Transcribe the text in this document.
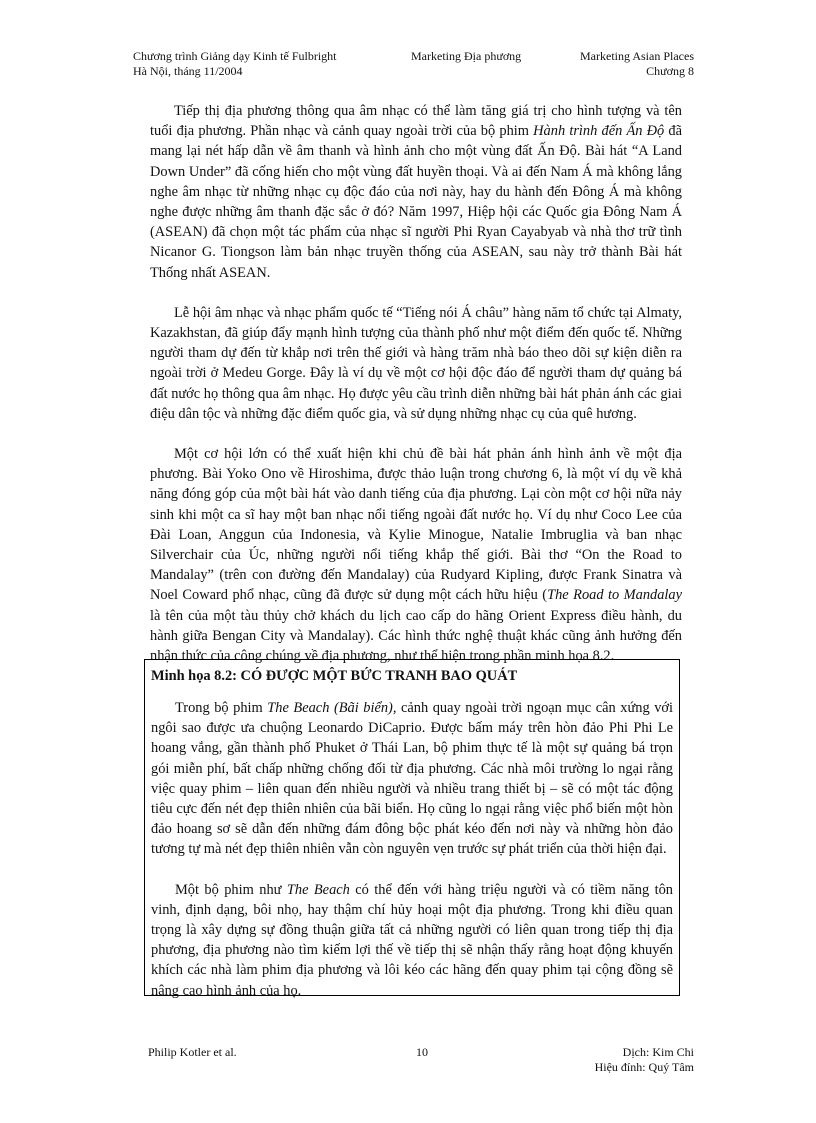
Chương trình Giảng dạy Kinh tế Fulbright
Hà Nội, tháng 11/2004
Marketing Địa phương	Marketing Asian Places
Chương 8

Tiếp thị địa phương thông qua âm nhạc có thể làm tăng giá trị cho hình tượng và tên tuổi địa phương. Phần nhạc và cảnh quay ngoài trời của bộ phim Hành trình đến Ấn Độ đã mang lại nét hấp dẫn về âm thanh và hình ảnh cho một vùng đất Ấn Độ. Bài hát “A Land Down Under” đã cống hiến cho một vùng đất huyền thoại. Và ai đến Nam Á mà không lắng nghe âm nhạc từ những nhạc cụ độc đáo của nơi này, hay du hành đến Đông Á mà không nghe được những âm thanh đặc sắc ở đó? Năm 1997, Hiệp hội các Quốc gia Đông Nam Á (ASEAN) đã chọn một tác phẩm của nhạc sĩ người Phi Ryan Cayabyab và nhà thơ trữ tình Nicanor G. Tiongson làm bản nhạc truyền thống của ASEAN, sau này trở thành Bài hát Thống nhất ASEAN.

Lễ hội âm nhạc và nhạc phẩm quốc tế “Tiếng nói Á châu” hàng năm tổ chức tại Almaty, Kazakhstan, đã giúp đẩy mạnh hình tượng của thành phố như một điểm đến quốc tế. Những người tham dự đến từ khắp nơi trên thế giới và hàng trăm nhà báo theo dõi sự kiện diễn ra ngoài trời ở Medeu Gorge. Đây là ví dụ về một cơ hội độc đáo để người tham dự quảng bá đất nước họ thông qua âm nhạc. Họ được yêu cầu trình diễn những bài hát phản ánh các giai điệu dân tộc và những đặc điểm quốc gia, và sử dụng những nhạc cụ của quê hương.

Một cơ hội lớn có thể xuất hiện khi chủ đề bài hát phản ánh hình ảnh về một địa phương. Bài Yoko Ono về Hiroshima, được thảo luận trong chương 6, là một ví dụ về khả năng đóng góp của một bài hát vào danh tiếng của địa phương. Lại còn một cơ hội nữa nảy sinh khi một ca sĩ hay một ban nhạc nổi tiếng ngoài đất nước họ. Ví dụ như Coco Lee của Đài Loan, Anggun của Indonesia, và Kylie Minogue, Natalie Imbruglia và ban nhạc Silverchair của Úc, những người nổi tiếng khắp thế giới. Bài thơ “On the Road to Mandalay” (trên con đường đến Mandalay) của Rudyard Kipling, được Frank Sinatra và Noel Coward phổ nhạc, cũng đã được sử dụng một cách hữu hiệu (The Road to Mandalay là tên của một tàu thủy chở khách du lịch cao cấp do hãng Orient Express điều hành, du hành giữa Bengan City và Mandalay). Các hình thức nghệ thuật khác cũng ảnh hưởng đến nhận thức của công chúng về địa phương, như thể hiện trong phần minh họa 8.2.

Minh họa 8.2: CÓ ĐƯỢC MỘT BỨC TRANH BAO QUÁT

Trong bộ phim The Beach (Bãi biển), cảnh quay ngoài trời ngoạn mục cân xứng với ngôi sao được ưa chuộng Leonardo DiCaprio. Được bấm máy trên hòn đảo Phi Phi Le hoang vắng, gần thành phố Phuket ở Thái Lan, bộ phim thực tế là một sự quảng bá trọn gói miễn phí, bất chấp những chống đối từ địa phương. Các nhà môi trường lo ngại rằng việc quay phim – liên quan đến nhiều người và nhiều trang thiết bị – sẽ có một tác động tiêu cực đến nét đẹp thiên nhiên của bãi biển. Họ cũng lo ngại rằng việc phổ biến một hòn đảo hoang sơ sẽ dẫn đến những đám đông bộc phát kéo đến nơi này và những hòn đảo tương tự mà nét đẹp thiên nhiên vẫn còn nguyên vẹn trước sự phát triển của thời hiện đại.

Một bộ phim như The Beach có thể đến với hàng triệu người và có tiềm năng tôn vinh, định dạng, bôi nhọ, hay thậm chí hủy hoại một địa phương. Trong khi điều quan trọng là xây dựng sự đồng thuận giữa tất cả những người có liên quan trong tiếp thị địa phương, địa phương nào tìm kiếm lợi thế về tiếp thị sẽ nhận thấy rằng hoạt động khuyến khích các nhà làm phim địa phương và lôi kéo các hãng đến quay phim tại cộng đồng sẽ nâng cao hình ảnh của họ.

Philip Kotler et al.	10	Dịch: Kim Chi
Hiệu đính: Quý Tâm
